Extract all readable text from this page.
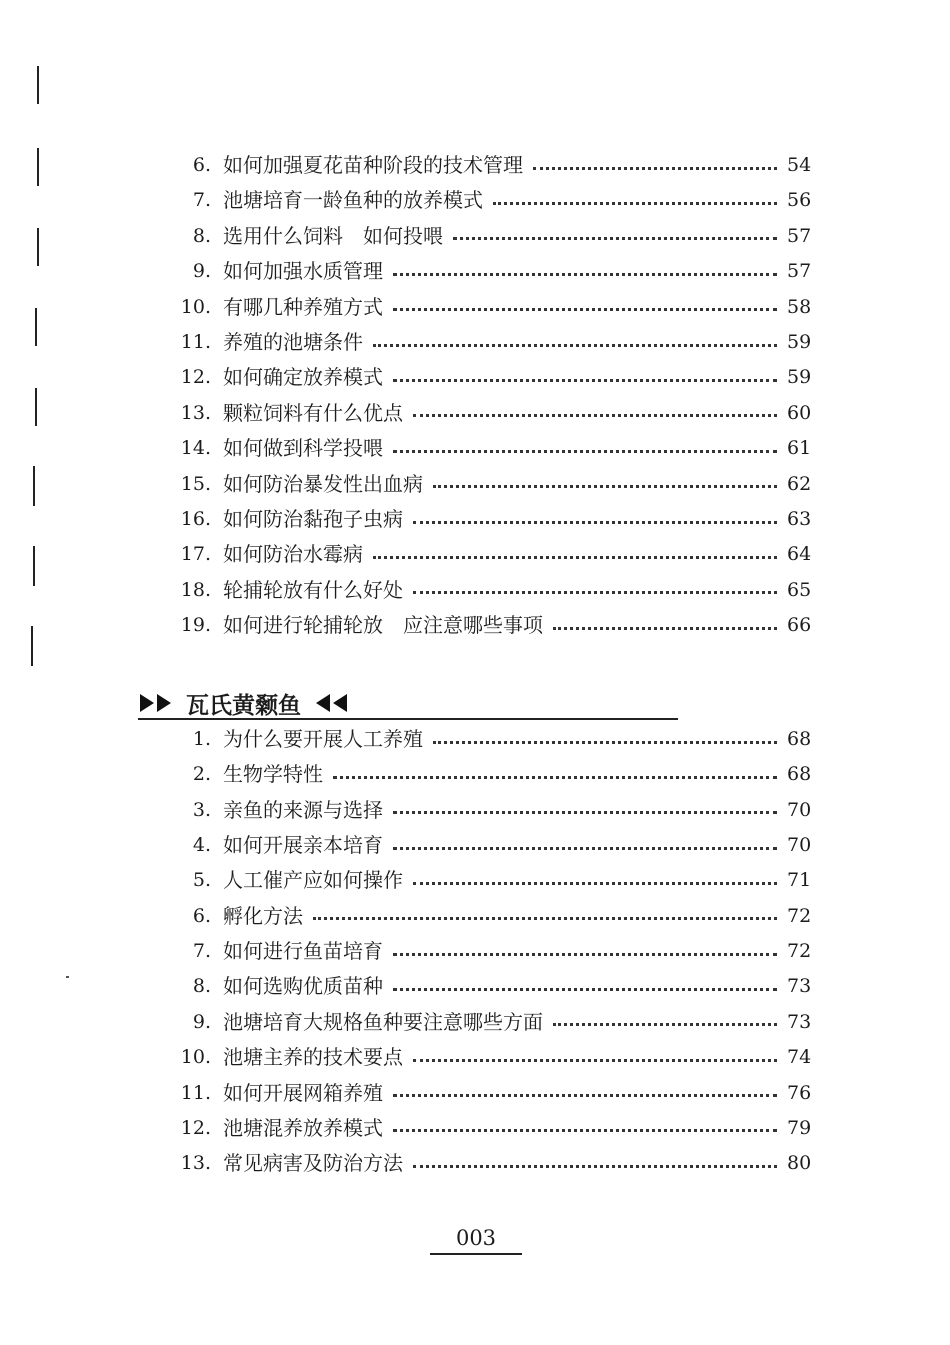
6. 如何加强夏花苗种阶段的技术管理	54
7. 池塘培育一龄鱼种的放养模式	56
8. 选用什么饲料　如何投喂	57
9. 如何加强水质管理	57
10. 有哪几种养殖方式	58
11. 养殖的池塘条件	59
12. 如何确定放养模式	59
13. 颗粒饲料有什么优点	60
14. 如何做到科学投喂	61
15. 如何防治暴发性出血病	62
16. 如何防治黏孢子虫病	63
17. 如何防治水霉病	64
18. 轮捕轮放有什么好处	65
19. 如何进行轮捕轮放　应注意哪些事项	66
瓦氏黄颡鱼
1. 为什么要开展人工养殖	68
2. 生物学特性	68
3. 亲鱼的来源与选择	70
4. 如何开展亲本培育	70
5. 人工催产应如何操作	71
6. 孵化方法	72
7. 如何进行鱼苗培育	72
8. 如何选购优质苗种	73
9. 池塘培育大规格鱼种要注意哪些方面	73
10. 池塘主养的技术要点	74
11. 如何开展网箱养殖	76
12. 池塘混养放养模式	79
13. 常见病害及防治方法	80
003
